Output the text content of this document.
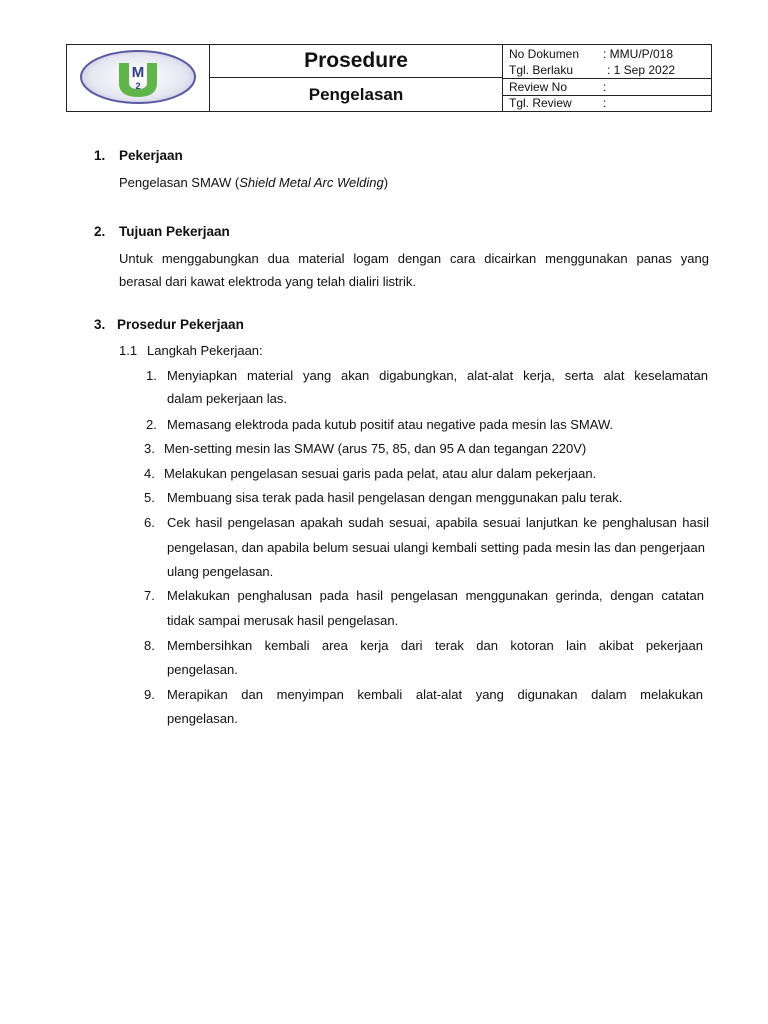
M
2
Prosedure
Pengelasan
No Dokumen : MMU/P/018
Tgl. Berlaku	: 1 Sep 2022
Review No	:
Tgl. Review	:
1. Pekerjaan
Pengelasan SMAW (Shield Metal Arc Welding)
2. Tujuan Pekerjaan
Untuk menggabungkan dua material logam dengan cara dicairkan menggunakan panas yang
berasal dari kawat elektroda yang telah dialiri listrik.
3. Prosedur Pekerjaan
1.1 Langkah Pekerjaan:
1. Menyiapkan material yang akan digabungkan, alat-alat kerja, serta alat keselamatan
dalam pekerjaan las.
2. Memasang elektroda pada kutub positif atau negative pada mesin las SMAW.
3. Men-setting mesin las SMAW (arus 75, 85, dan 95 A dan tegangan 220V)
4. Melakukan pengelasan sesuai garis pada pelat, atau alur dalam pekerjaan.
5. Membuang sisa terak pada hasil pengelasan dengan menggunakan palu terak.
6. Cek hasil pengelasan apakah sudah sesuai, apabila sesuai lanjutkan ke penghalusan hasil
pengelasan, dan apabila belum sesuai ulangi kembali setting pada mesin las dan pengerjaan
ulang pengelasan.
7. Melakukan penghalusan pada hasil pengelasan menggunakan gerinda, dengan catatan
tidak sampai merusak hasil pengelasan.
8. Membersihkan kembali area kerja dari terak dan kotoran lain akibat pekerjaan
pengelasan.
9. Merapikan dan menyimpan kembali alat-alat yang digunakan dalam melakukan
pengelasan.
